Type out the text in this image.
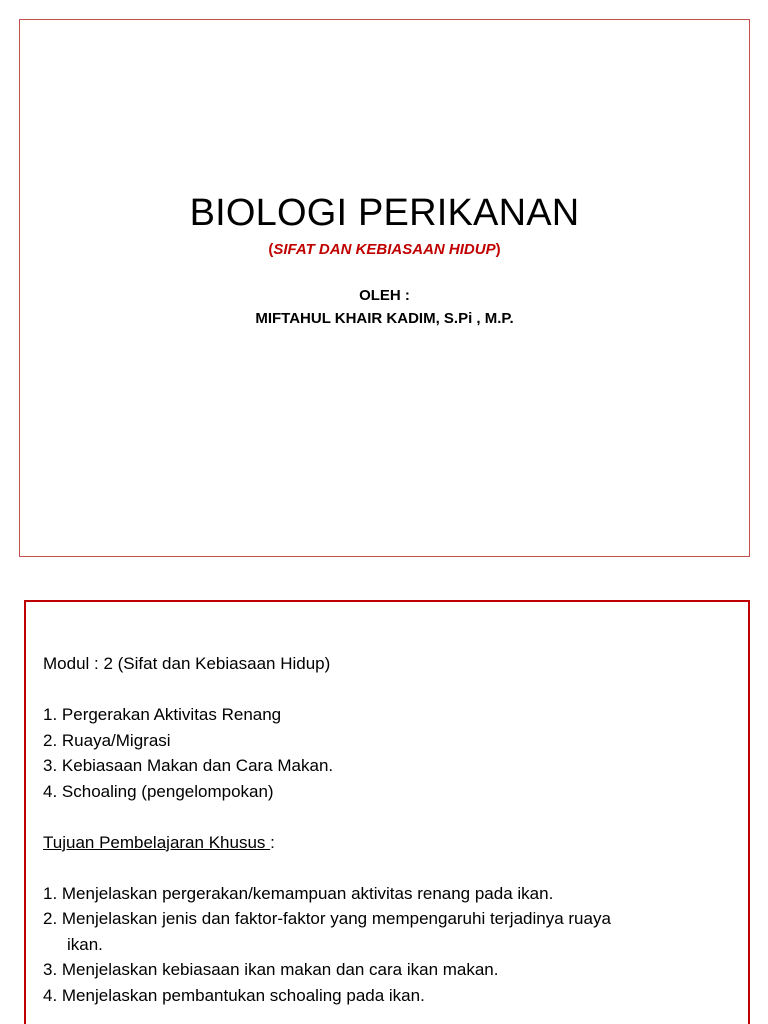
BIOLOGI PERIKANAN
(SIFAT DAN KEBIASAAN HIDUP)
OLEH :
MIFTAHUL KHAIR KADIM, S.Pi , M.P.
Modul : 2 (Sifat dan Kebiasaan Hidup)
1. Pergerakan Aktivitas Renang
2. Ruaya/Migrasi
3. Kebiasaan Makan dan Cara Makan.
4. Schoaling (pengelompokan)
Tujuan Pembelajaran Khusus :
1. Menjelaskan pergerakan/kemampuan aktivitas renang pada ikan.
2. Menjelaskan jenis dan faktor-faktor yang mempengaruhi terjadinya ruaya
ikan.
3. Menjelaskan kebiasaan ikan makan dan cara ikan makan.
4. Menjelaskan pembantukan schoaling pada ikan.
